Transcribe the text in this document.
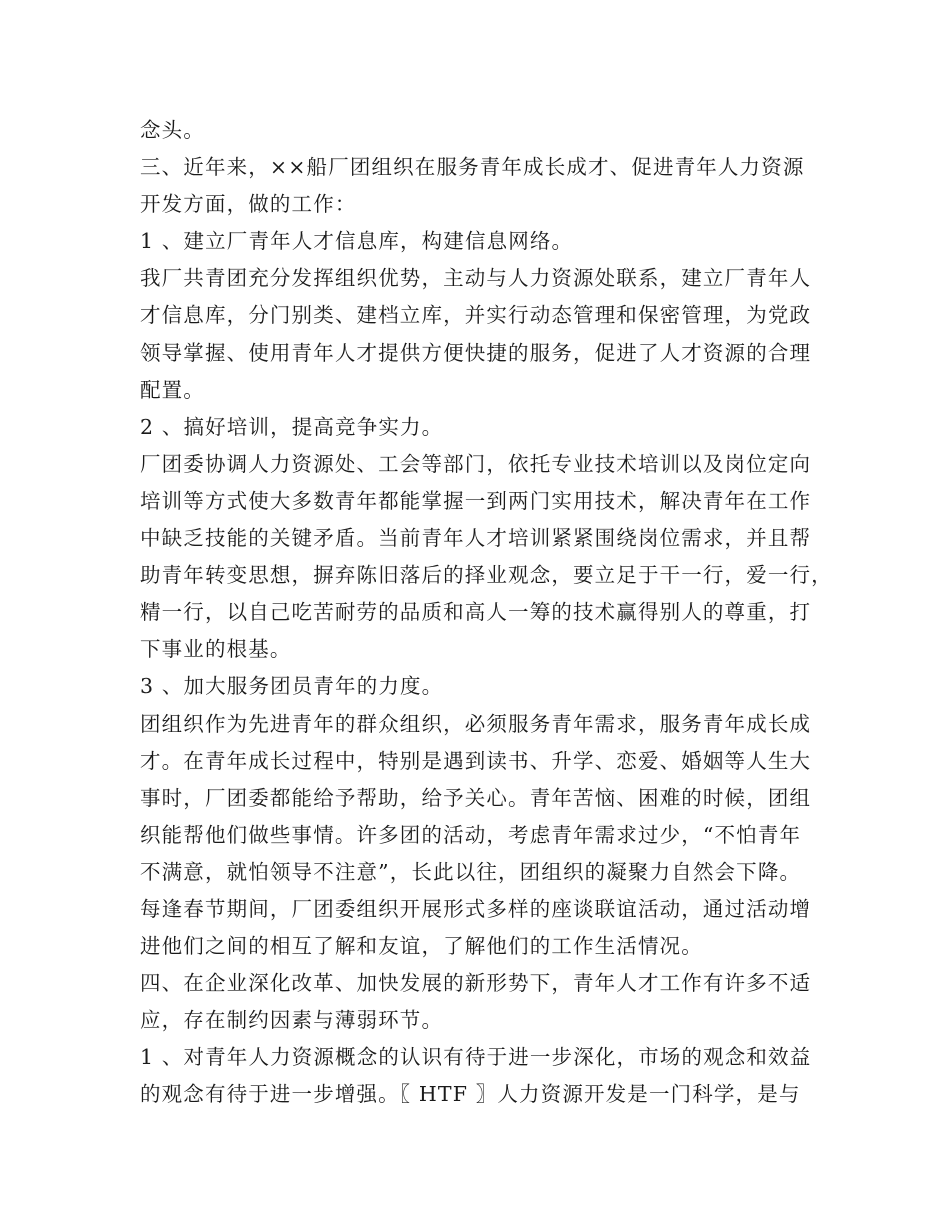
念头。
三、近年来，××船厂团组织在服务青年成长成才、促进青年人力资源
开发方面，做的工作：
1 、建立厂青年人才信息库，构建信息网络。
我厂共青团充分发挥组织优势，主动与人力资源处联系，建立厂青年人
才信息库，分门别类、建档立库，并实行动态管理和保密管理，为党政
领导掌握、使用青年人才提供方便快捷的服务，促进了人才资源的合理
配置。
2 、搞好培训，提高竞争实力。
厂团委协调人力资源处、工会等部门，依托专业技术培训以及岗位定向
培训等方式使大多数青年都能掌握一到两门实用技术，解决青年在工作
中缺乏技能的关键矛盾。当前青年人才培训紧紧围绕岗位需求，并且帮
助青年转变思想，摒弃陈旧落后的择业观念，要立足于干一行，爱一行，
精一行，以自己吃苦耐劳的品质和高人一筹的技术赢得别人的尊重，打
下事业的根基。
3 、加大服务团员青年的力度。
团组织作为先进青年的群众组织，必须服务青年需求，服务青年成长成
才。在青年成长过程中，特别是遇到读书、升学、恋爱、婚姻等人生大
事时，厂团委都能给予帮助，给予关心。青年苦恼、困难的时候，团组
织能帮他们做些事情。许多团的活动，考虑青年需求过少，“不怕青年
不满意，就怕领导不注意”，长此以往，团组织的凝聚力自然会下降。
每逢春节期间，厂团委组织开展形式多样的座谈联谊活动，通过活动增
进他们之间的相互了解和友谊，了解他们的工作生活情况。
四、在企业深化改革、加快发展的新形势下，青年人才工作有许多不适
应，存在制约因素与薄弱环节。
1 、对青年人力资源概念的认识有待于进一步深化，市场的观念和效益
的观念有待于进一步增强。〖 HTF 〗人力资源开发是一门科学，是与
